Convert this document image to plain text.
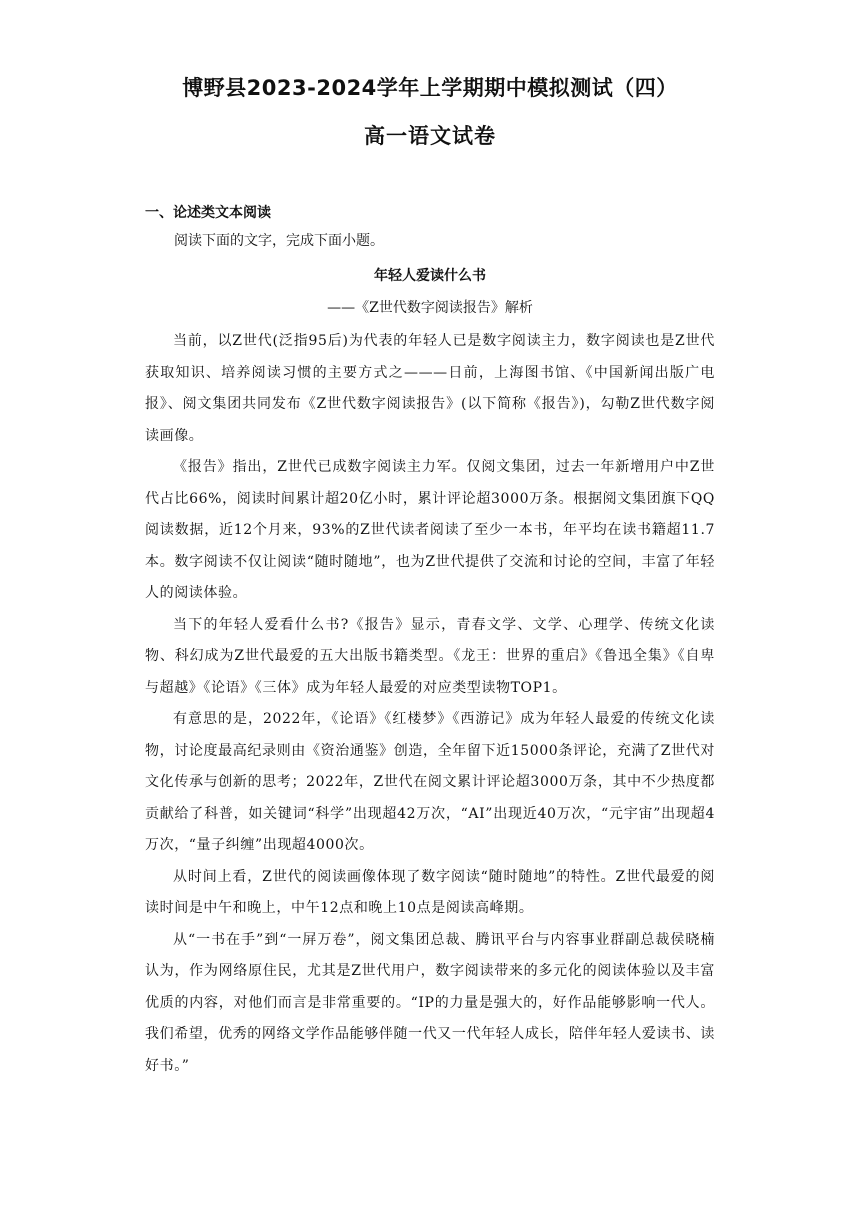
博野县2023-2024学年上学期期中模拟测试（四）
高一语文试卷
一、论述类文本阅读
阅读下面的文字，完成下面小题。
年轻人爱读什么书
——《Z世代数字阅读报告》解析

当前，以Z世代(泛指95后)为代表的年轻人已是数字阅读主力，数字阅读也是Z世代获取知识、培养阅读习惯的主要方式之———日前，上海图书馆、《中国新闻出版广电报》、阅文集团共同发布《Z世代数字阅读报告》(以下简称《报告》)，勾勒Z世代数字阅读画像。

《报告》指出，Z世代已成数字阅读主力军。仅阅文集团，过去一年新增用户中Z世代占比66%，阅读时间累计超20亿小时，累计评论超3000万条。根据阅文集团旗下QQ阅读数据，近12个月来，93%的Z世代读者阅读了至少一本书，年平均在读书籍超11.7本。数字阅读不仅让阅读“随时随地”，也为Z世代提供了交流和讨论的空间，丰富了年轻人的阅读体验。

当下的年轻人爱看什么书?《报告》显示，青春文学、文学、心理学、传统文化读物、科幻成为Z世代最爱的五大出版书籍类型。《龙王：世界的重启》《鲁迅全集》《自卑与超越》《论语》《三体》成为年轻人最爱的对应类型读物TOP1。

有意思的是，2022年，《论语》《红楼梦》《西游记》成为年轻人最爱的传统文化读物，讨论度最高纪录则由《资治通鉴》创造，全年留下近15000条评论，充满了Z世代对文化传承与创新的思考；2022年，Z世代在阅文累计评论超3000万条，其中不少热度都贡献给了科普，如关键词“科学”出现超42万次，“AI”出现近40万次，“元宇宙”出现超4万次，“量子纠缠”出现超4000次。

从时间上看，Z世代的阅读画像体现了数字阅读“随时随地”的特性。Z世代最爱的阅读时间是中午和晚上，中午12点和晚上10点是阅读高峰期。

从“一书在手”到“一屏万卷”，阅文集团总裁、腾讯平台与内容事业群副总裁侯晓楠认为，作为网络原住民，尤其是Z世代用户，数字阅读带来的多元化的阅读体验以及丰富优质的内容，对他们而言是非常重要的。“IP的力量是强大的，好作品能够影响一代人。我们希望，优秀的网络文学作品能够伴随一代又一代年轻人成长，陪伴年轻人爱读书、读好书。”
